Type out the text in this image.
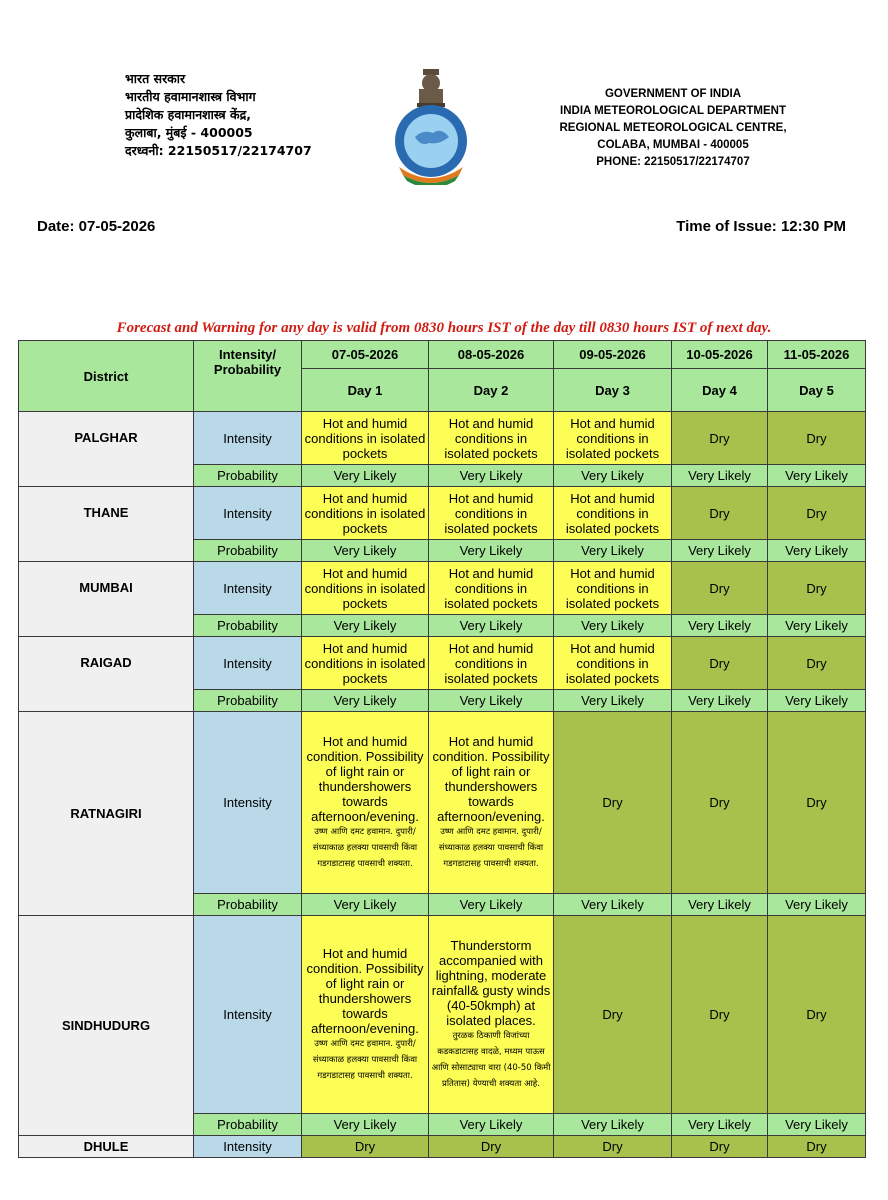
भारत सरकार
भारतीय हवामानशास्त्र विभाग
प्रादेशिक हवामानशास्त्र केंद्र,
कुलाबा, मुंबई - 400005
दरध्वनी: 22150517/22174707
GOVERNMENT OF INDIA
INDIA METEOROLOGICAL DEPARTMENT
REGIONAL METEOROLOGICAL CENTRE,
COLABA, MUMBAI - 400005
PHONE: 22150517/22174707
Date: 07-05-2026	Time of Issue: 12:30 PM
Forecast and Warning for any day is valid from 0830 hours IST of the day till 0830 hours IST of next day.
District	Intensity/ Probability	07-05-2026	08-05-2026	09-05-2026	10-05-2026	11-05-2026
		Day 1	Day 2	Day 3	Day 4	Day 5
PALGHAR	Intensity	Hot and humid conditions in isolated pockets	Hot and humid conditions in isolated pockets	Hot and humid conditions in isolated pockets	Dry	Dry
	Probability	Very Likely	Very Likely	Very Likely	Very Likely	Very Likely
THANE	Intensity	Hot and humid conditions in isolated pockets	Hot and humid conditions in isolated pockets	Hot and humid conditions in isolated pockets	Dry	Dry
	Probability	Very Likely	Very Likely	Very Likely	Very Likely	Very Likely
MUMBAI	Intensity	Hot and humid conditions in isolated pockets	Hot and humid conditions in isolated pockets	Hot and humid conditions in isolated pockets	Dry	Dry
	Probability	Very Likely	Very Likely	Very Likely	Very Likely	Very Likely
RAIGAD	Intensity	Hot and humid conditions in isolated pockets	Hot and humid conditions in isolated pockets	Hot and humid conditions in isolated pockets	Dry	Dry
	Probability	Very Likely	Very Likely	Very Likely	Very Likely	Very Likely
RATNAGIRI	Intensity	Hot and humid condition. Possibility of light rain or thundershowers towards afternoon/evening.
उष्ण आणि दमट हवामान. दुपारी/संध्याकाळ हलक्या पावसाची किंवा गडगडाटासह पावसाची शक्यता.	Hot and humid condition. Possibility of light rain or thundershowers towards afternoon/evening.
उष्ण आणि दमट हवामान. दुपारी/संध्याकाळ हलक्या पावसाची किंवा गडगडाटासह पावसाची शक्यता.	Dry	Dry	Dry
	Probability	Very Likely	Very Likely	Very Likely	Very Likely	Very Likely
SINDHUDURG	Intensity	Hot and humid condition. Possibility of light rain or thundershowers towards afternoon/evening.
उष्ण आणि दमट हवामान. दुपारी/संध्याकाळ हलक्या पावसाची किंवा गडगडाटासह पावसाची शक्यता.	Thunderstorm accompanied with lightning, moderate rainfall& gusty winds (40-50kmph) at isolated places.
तुरळक ठिकाणी विजांच्या कडकडाटासह वादळे, मध्यम पाऊस आणि सोसाट्याचा वारा (40-50 किमी प्रतितास) येण्याची शक्यता आहे.	Dry	Dry	Dry
	Probability	Very Likely	Very Likely	Very Likely	Very Likely	Very Likely
DHULE	Intensity	Dry	Dry	Dry	Dry	Dry
